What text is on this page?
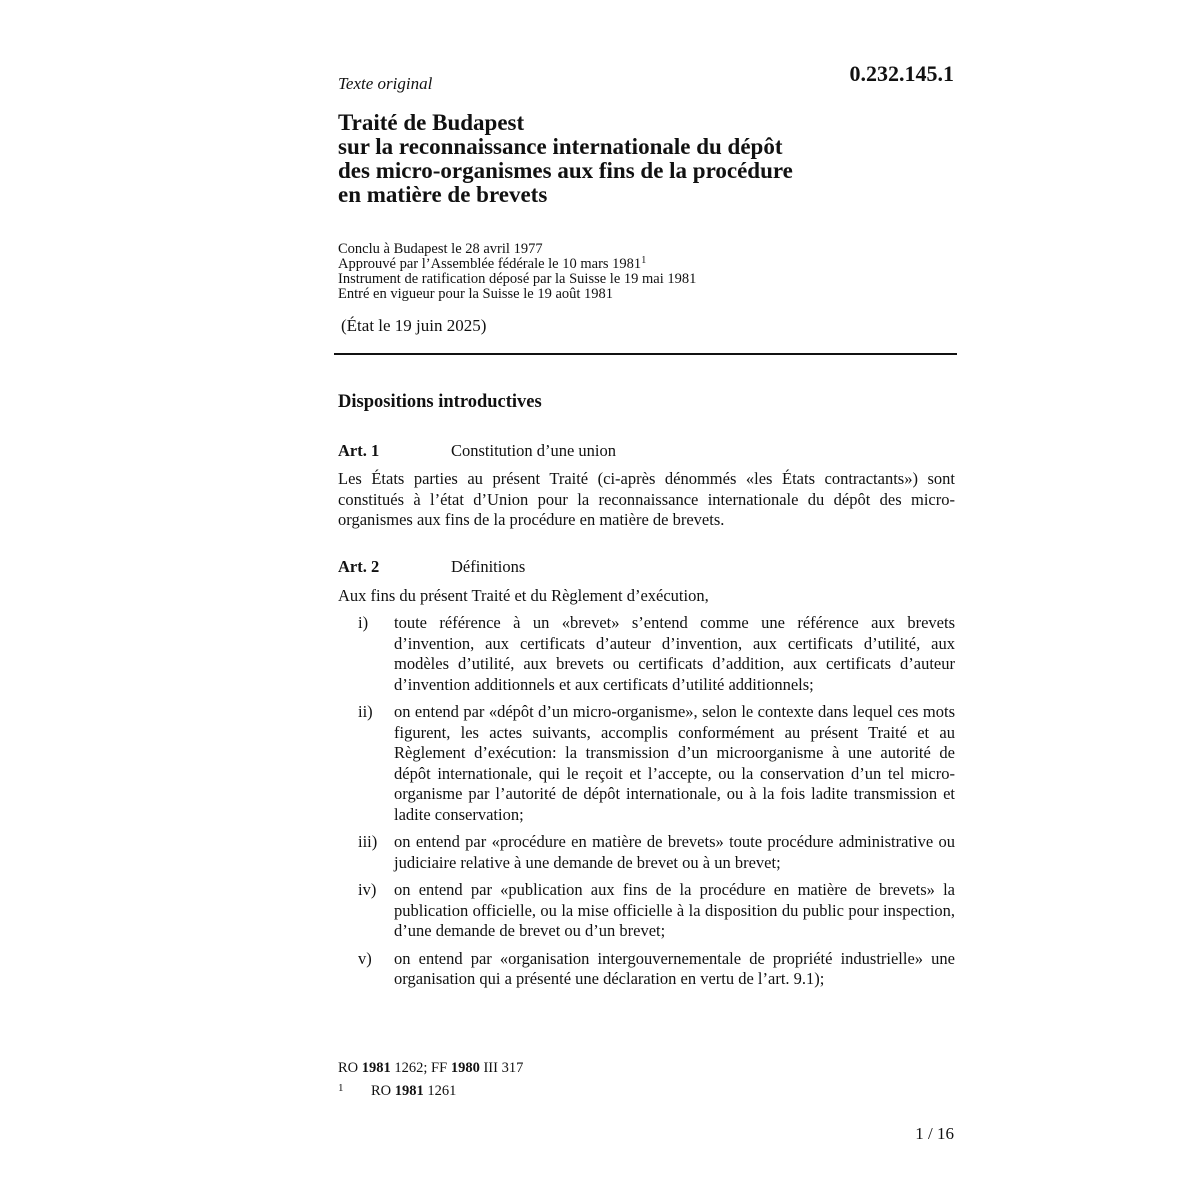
Texte original	0.232.145.1
Traité de Budapest
sur la reconnaissance internationale du dépôt
des micro-organismes aux fins de la procédure
en matière de brevets
Conclu à Budapest le 28 avril 1977
Approuvé par l’Assemblée fédérale le 10 mars 1981$^1$
Instrument de ratification déposé par la Suisse le 19 mai 1981
Entré en vigueur pour la Suisse le 19 août 1981
(État le 19 juin 2025)
Dispositions introductives
Art. 1	Constitution d’une union
Les États parties au présent Traité (ci-après dénommés «les États contractants») sont constitués à l’état d’Union pour la reconnaissance internationale du dépôt des micro-organismes aux fins de la procédure en matière de brevets.
Art. 2	Définitions
Aux fins du présent Traité et du Règlement d’exécution,
i) toute référence à un «brevet» s’entend comme une référence aux brevets d’invention, aux certificats d’auteur d’invention, aux certificats d’utilité, aux modèles d’utilité, aux brevets ou certificats d’addition, aux certificats d’auteur d’invention additionnels et aux certificats d’utilité additionnels;
ii) on entend par «dépôt d’un micro-organisme», selon le contexte dans lequel ces mots figurent, les actes suivants, accomplis conformément au présent Traité et au Règlement d’exécution: la transmission d’un microorganisme à une autorité de dépôt internationale, qui le reçoit et l’accepte, ou la conservation d’un tel micro-organisme par l’autorité de dépôt internationale, ou à la fois ladite transmission et ladite conservation;
iii) on entend par «procédure en matière de brevets» toute procédure administrative ou judiciaire relative à une demande de brevet ou à un brevet;
iv) on entend par «publication aux fins de la procédure en matière de brevets» la publication officielle, ou la mise officielle à la disposition du public pour inspection, d’une demande de brevet ou d’un brevet;
v) on entend par «organisation intergouvernementale de propriété industrielle» une organisation qui a présenté une déclaration en vertu de l’art. 9.1);
RO 1981 1262; FF 1980 III 317
1 RO 1981 1261
1 / 16
